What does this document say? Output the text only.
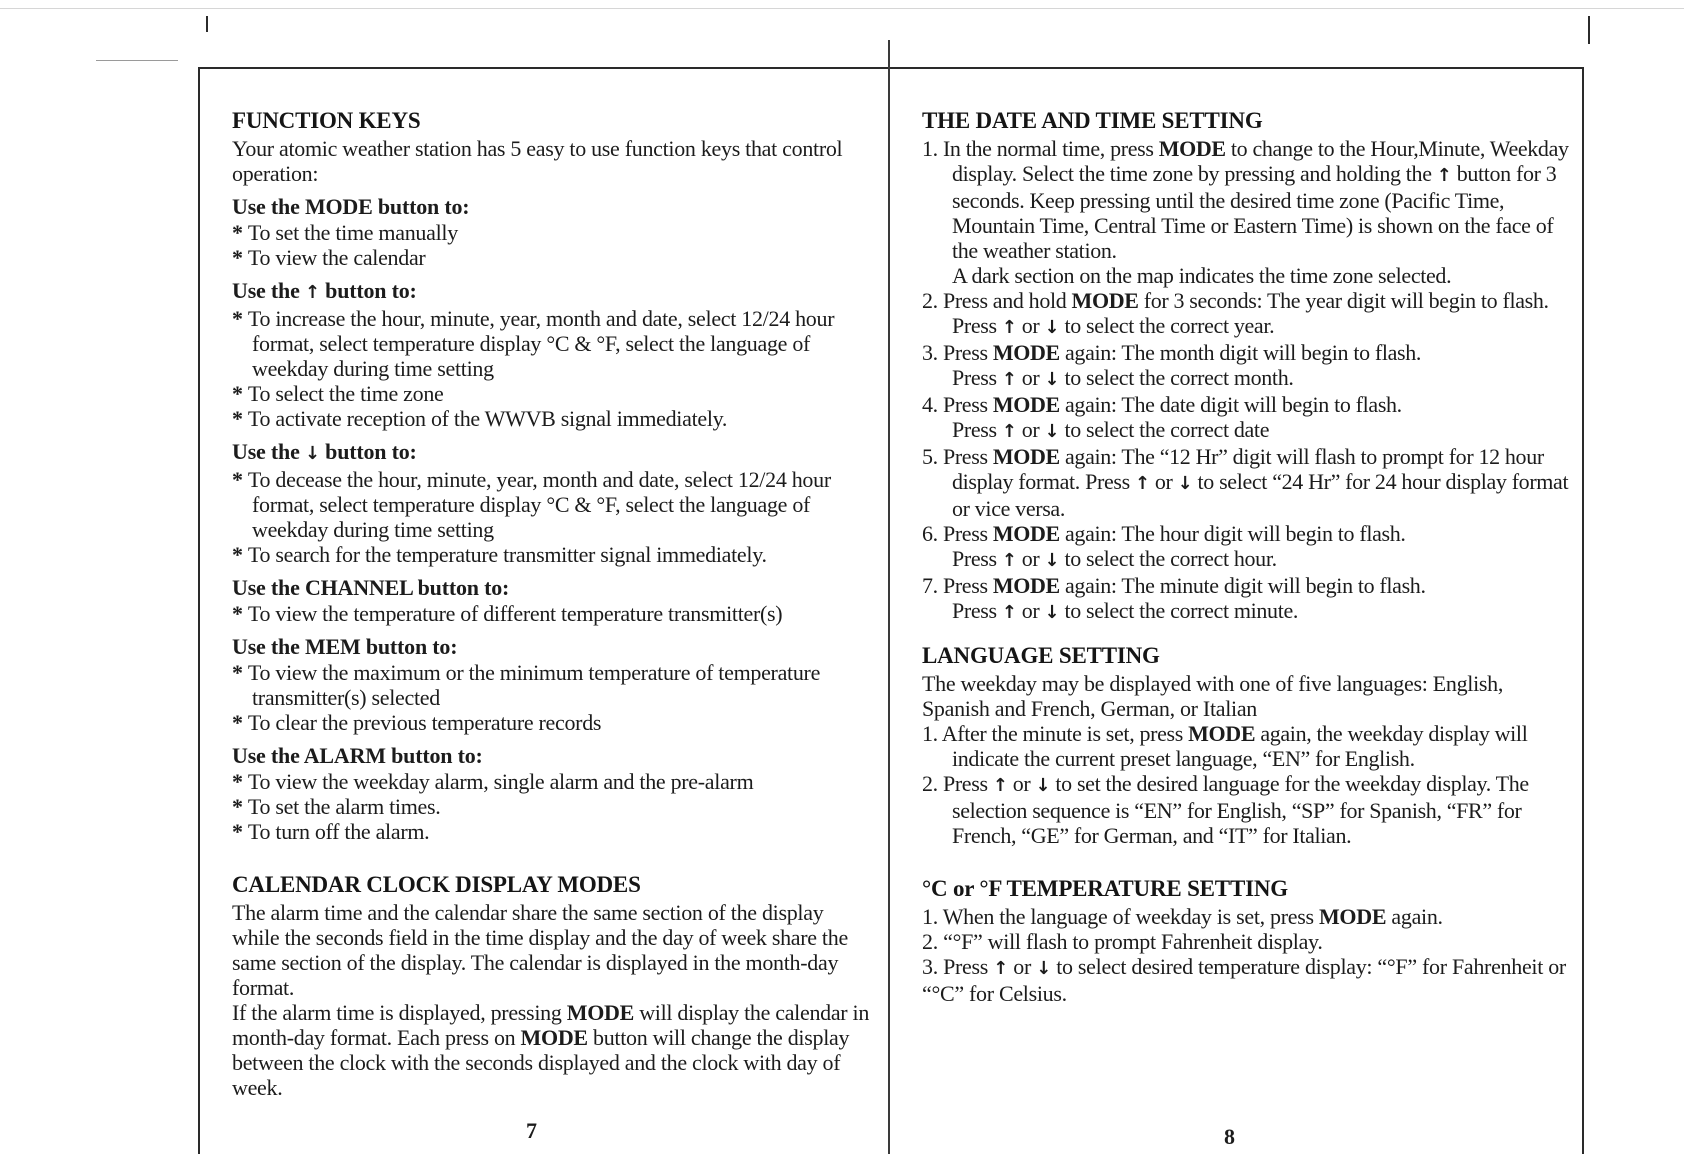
FUNCTION KEYS

Your atomic weather station has 5 easy to use function keys that control operation:

Use the MODE button to:

* To set the time manually

* To view the calendar

Use the ↑ button to:

* To increase the hour, minute, year, month and date, select 12/24 hour format, select temperature display °C & °F, select the language of weekday during time setting

* To select the time zone

* To activate reception of the WWVB signal immediately.

Use the ↓ button to:

* To decease the hour, minute, year, month and date, select 12/24 hour format, select temperature display °C & °F, select the language of weekday during time setting

* To search for the temperature transmitter signal immediately.

Use the CHANNEL button to:

* To view the temperature of different temperature transmitter(s)

Use the MEM button to:

* To view the maximum or the minimum temperature of temperature transmitter(s) selected

* To clear the previous temperature records

Use the ALARM button to:

* To view the weekday alarm, single alarm and the pre-alarm

* To set the alarm times.

* To turn off the alarm.

CALENDAR CLOCK DISPLAY MODES

The alarm time and the calendar share the same section of the display while the seconds field in the time display and the day of week share the same section of the display. The calendar is displayed in the month-day format.

If the alarm time is displayed, pressing MODE will display the calendar in month-day format. Each press on MODE button will change the display between the clock with the seconds displayed and the clock with day of week.

7
THE DATE AND TIME SETTING
1. In the normal time, press MODE to change to the Hour,Minute, Weekday display. Select the time zone by pressing and holding the ↑ button for 3 seconds. Keep pressing until the desired time zone (Pacific Time, Mountain Time, Central Time or Eastern Time) is shown on the face of the weather station.

A dark section on the map indicates the time zone selected.

2. Press and hold MODE for 3 seconds: The year digit will begin to flash. Press ↑ or ↓ to select the correct year.
3. Press MODE again: The month digit will begin to flash.
Press ↑ or ↓ to select the correct month.
4. Press MODE again: The date digit will begin to flash.
Press ↑ or ↓ to select the correct date
5. Press MODE again: The “12 Hr” digit will flash to prompt for 12 hour display format. Press ↑ or ↓ to select “24 Hr” for 24 hour display format or vice versa.
6. Press MODE again: The hour digit will begin to flash.
Press ↑ or ↓ to select the correct hour.
7. Press MODE again: The minute digit will begin to flash.
Press ↑ or ↓ to select the correct minute.
LANGUAGE SETTING

The weekday may be displayed with one of five languages: English, Spanish and French, German, or Italian

1. After the minute is set, press MODE again, the weekday display will indicate the current preset language, “EN” for English.
2. Press ↑ or ↓ to set the desired language for the weekday display. The selection sequence is “EN” for English, “SP” for Spanish, “FR” for French, “GE” for German, and “IT” for Italian.
°C or °F TEMPERATURE SETTING

1. When the language of weekday is set, press MODE again.

2. “°F” will flash to prompt Fahrenheit display.

3. Press ↑ or ↓ to select desired temperature display: “°F” for Fahrenheit or “°C” for Celsius.

8
